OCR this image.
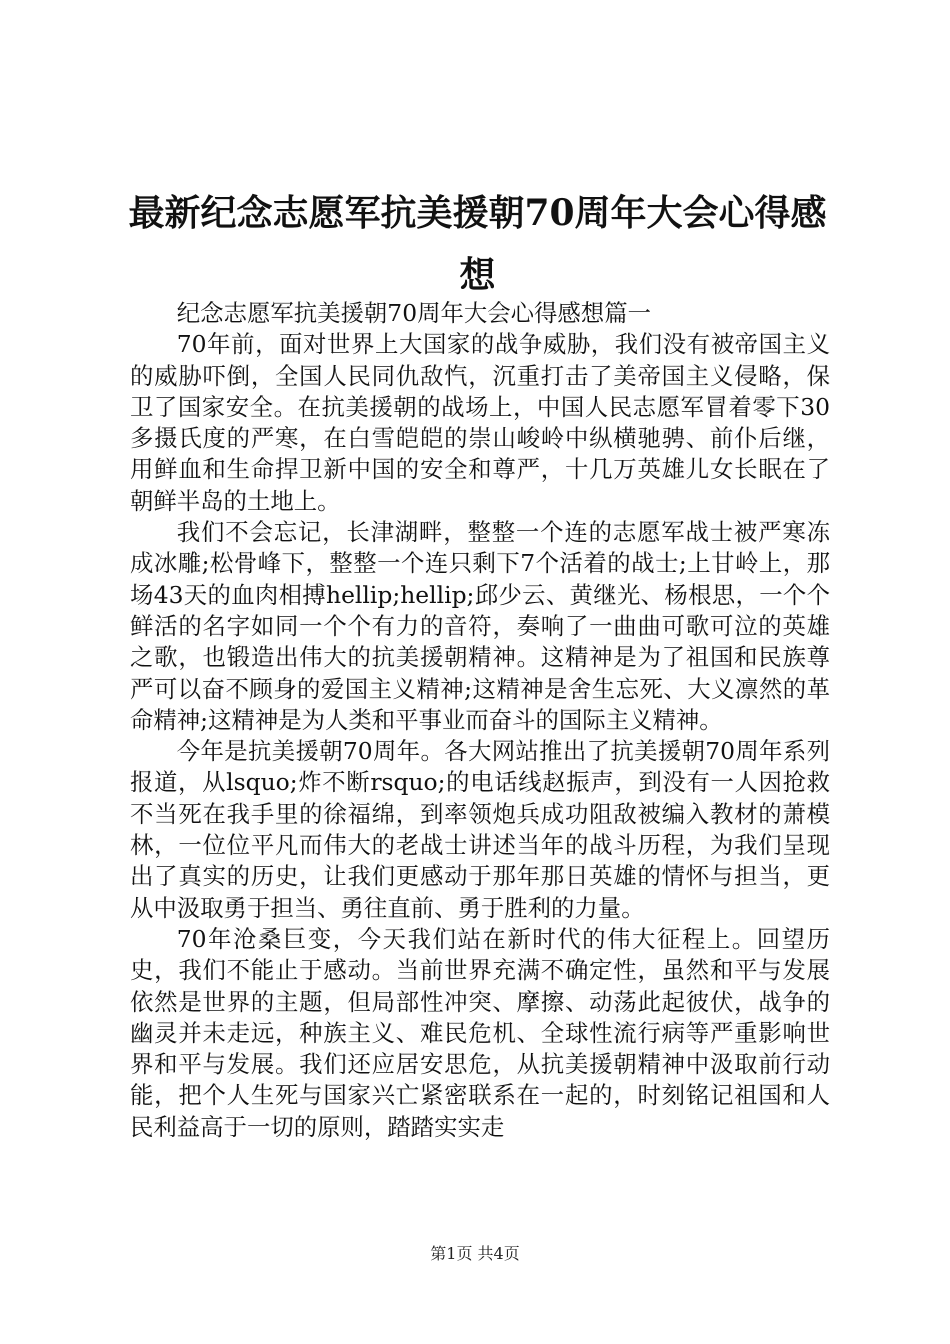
最新纪念志愿军抗美援朝70周年大会心得感想

纪念志愿军抗美援朝70周年大会心得感想篇一

70年前，面对世界上大国家的战争威胁，我们没有被帝国主义的威胁吓倒，全国人民同仇敌忾，沉重打击了美帝国主义侵略，保卫了国家安全。在抗美援朝的战场上，中国人民志愿军冒着零下30多摄氏度的严寒，在白雪皑皑的崇山峻岭中纵横驰骋、前仆后继，用鲜血和生命捍卫新中国的安全和尊严，十几万英雄儿女长眠在了朝鲜半岛的土地上。

我们不会忘记，长津湖畔，整整一个连的志愿军战士被严寒冻成冰雕;松骨峰下，整整一个连只剩下7个活着的战士;上甘岭上，那场43天的血肉相搏hellip;hellip;邱少云、黄继光、杨根思，一个个鲜活的名字如同一个个有力的音符，奏响了一曲曲可歌可泣的英雄之歌，也锻造出伟大的抗美援朝精神。这精神是为了祖国和民族尊严可以奋不顾身的爱国主义精神;这精神是舍生忘死、大义凛然的革命精神;这精神是为人类和平事业而奋斗的国际主义精神。

今年是抗美援朝70周年。各大网站推出了抗美援朝70周年系列报道，从lsquo;炸不断rsquo;的电话线赵振声，到没有一人因抢救不当死在我手里的徐福绵，到率领炮兵成功阻敌被编入教材的萧模林，一位位平凡而伟大的老战士讲述当年的战斗历程，为我们呈现出了真实的历史，让我们更感动于那年那日英雄的情怀与担当，更从中汲取勇于担当、勇往直前、勇于胜利的力量。

70年沧桑巨变，今天我们站在新时代的伟大征程上。回望历史，我们不能止于感动。当前世界充满不确定性，虽然和平与发展依然是世界的主题，但局部性冲突、摩擦、动荡此起彼伏，战争的幽灵并未走远，种族主义、难民危机、全球性流行病等严重影响世界和平与发展。我们还应居安思危，从抗美援朝精神中汲取前行动能，把个人生死与国家兴亡紧密联系在一起的，时刻铭记祖国和人民利益高于一切的原则，踏踏实实走

第1页 共4页
